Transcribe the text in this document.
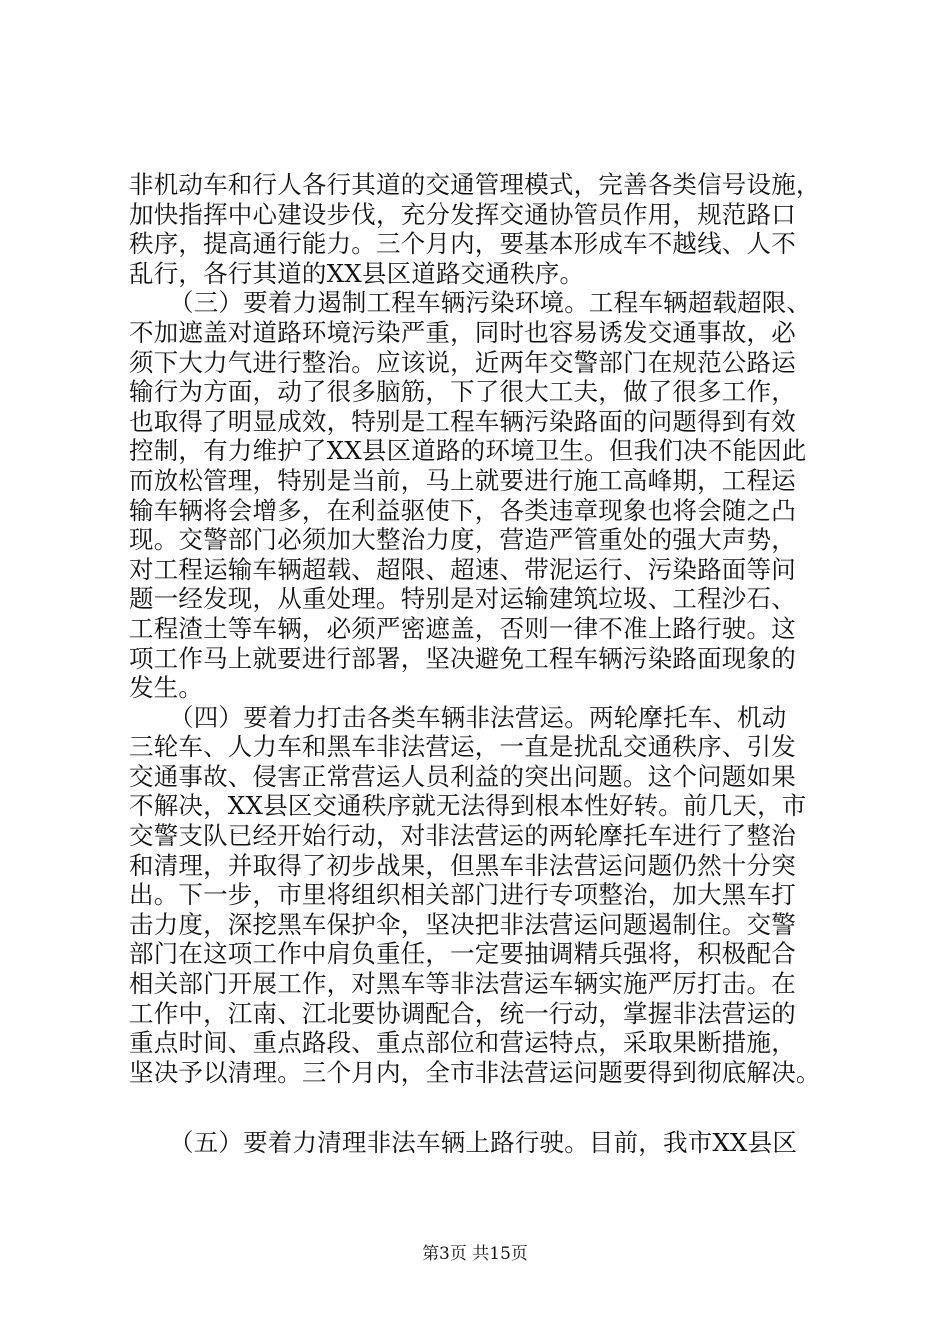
非机动车和行人各行其道的交通管理模式，完善各类信号设施，
加快指挥中心建设步伐，充分发挥交通协管员作用，规范路口
秩序，提高通行能力。三个月内，要基本形成车不越线、人不
乱行，各行其道的XX县区道路交通秩序。
（三）要着力遏制工程车辆污染环境。工程车辆超载超限、
不加遮盖对道路环境污染严重，同时也容易诱发交通事故，必
须下大力气进行整治。应该说，近两年交警部门在规范公路运
输行为方面，动了很多脑筋，下了很大工夫，做了很多工作，
也取得了明显成效，特别是工程车辆污染路面的问题得到有效
控制，有力维护了XX县区道路的环境卫生。但我们决不能因此
而放松管理，特别是当前，马上就要进行施工高峰期，工程运
输车辆将会增多，在利益驱使下，各类违章现象也将会随之凸
现。交警部门必须加大整治力度，营造严管重处的强大声势，
对工程运输车辆超载、超限、超速、带泥运行、污染路面等问
题一经发现，从重处理。特别是对运输建筑垃圾、工程沙石、
工程渣土等车辆，必须严密遮盖，否则一律不准上路行驶。这
项工作马上就要进行部署，坚决避免工程车辆污染路面现象的
发生。
（四）要着力打击各类车辆非法营运。两轮摩托车、机动
三轮车、人力车和黑车非法营运，一直是扰乱交通秩序、引发
交通事故、侵害正常营运人员利益的突出问题。这个问题如果
不解决，XX县区交通秩序就无法得到根本性好转。前几天，市
交警支队已经开始行动，对非法营运的两轮摩托车进行了整治
和清理，并取得了初步战果，但黑车非法营运问题仍然十分突
出。下一步，市里将组织相关部门进行专项整治，加大黑车打
击力度，深挖黑车保护伞，坚决把非法营运问题遏制住。交警
部门在这项工作中肩负重任，一定要抽调精兵强将，积极配合
相关部门开展工作，对黑车等非法营运车辆实施严厉打击。在
工作中，江南、江北要协调配合，统一行动，掌握非法营运的
重点时间、重点路段、重点部位和营运特点，采取果断措施，
坚决予以清理。三个月内，全市非法营运问题要得到彻底解决。
（五）要着力清理非法车辆上路行驶。目前，我市XX县区
第3页 共15页
